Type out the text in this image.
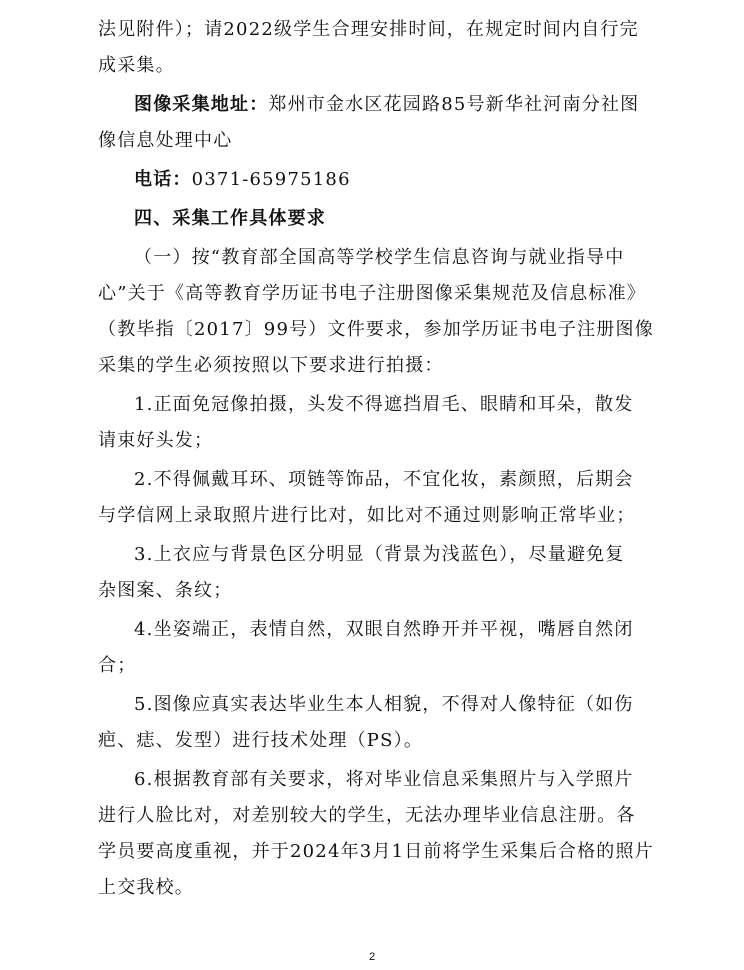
法见附件）；请2022级学生合理安排时间，在规定时间内自行完
成采集。
图像采集地址：郑州市金水区花园路85号新华社河南分社图
像信息处理中心
电话：0371-65975186
四、采集工作具体要求
（一）按“教育部全国高等学校学生信息咨询与就业指导中
心”关于《高等教育学历证书电子注册图像采集规范及信息标准》
（教毕指〔2017〕99号）文件要求，参加学历证书电子注册图像
采集的学生必须按照以下要求进行拍摄：
1.正面免冠像拍摄，头发不得遮挡眉毛、眼睛和耳朵，散发
请束好头发；
2.不得佩戴耳环、项链等饰品，不宜化妆，素颜照，后期会
与学信网上录取照片进行比对，如比对不通过则影响正常毕业；
3.上衣应与背景色区分明显（背景为浅蓝色），尽量避免复
杂图案、条纹；
4.坐姿端正，表情自然，双眼自然睁开并平视，嘴唇自然闭
合；
5.图像应真实表达毕业生本人相貌，不得对人像特征（如伤
疤、痣、发型）进行技术处理（PS）。
6.根据教育部有关要求，将对毕业信息采集照片与入学照片
进行人脸比对，对差别较大的学生，无法办理毕业信息注册。各
学员要高度重视，并于2024年3月1日前将学生采集后合格的照片
上交我校。
2
